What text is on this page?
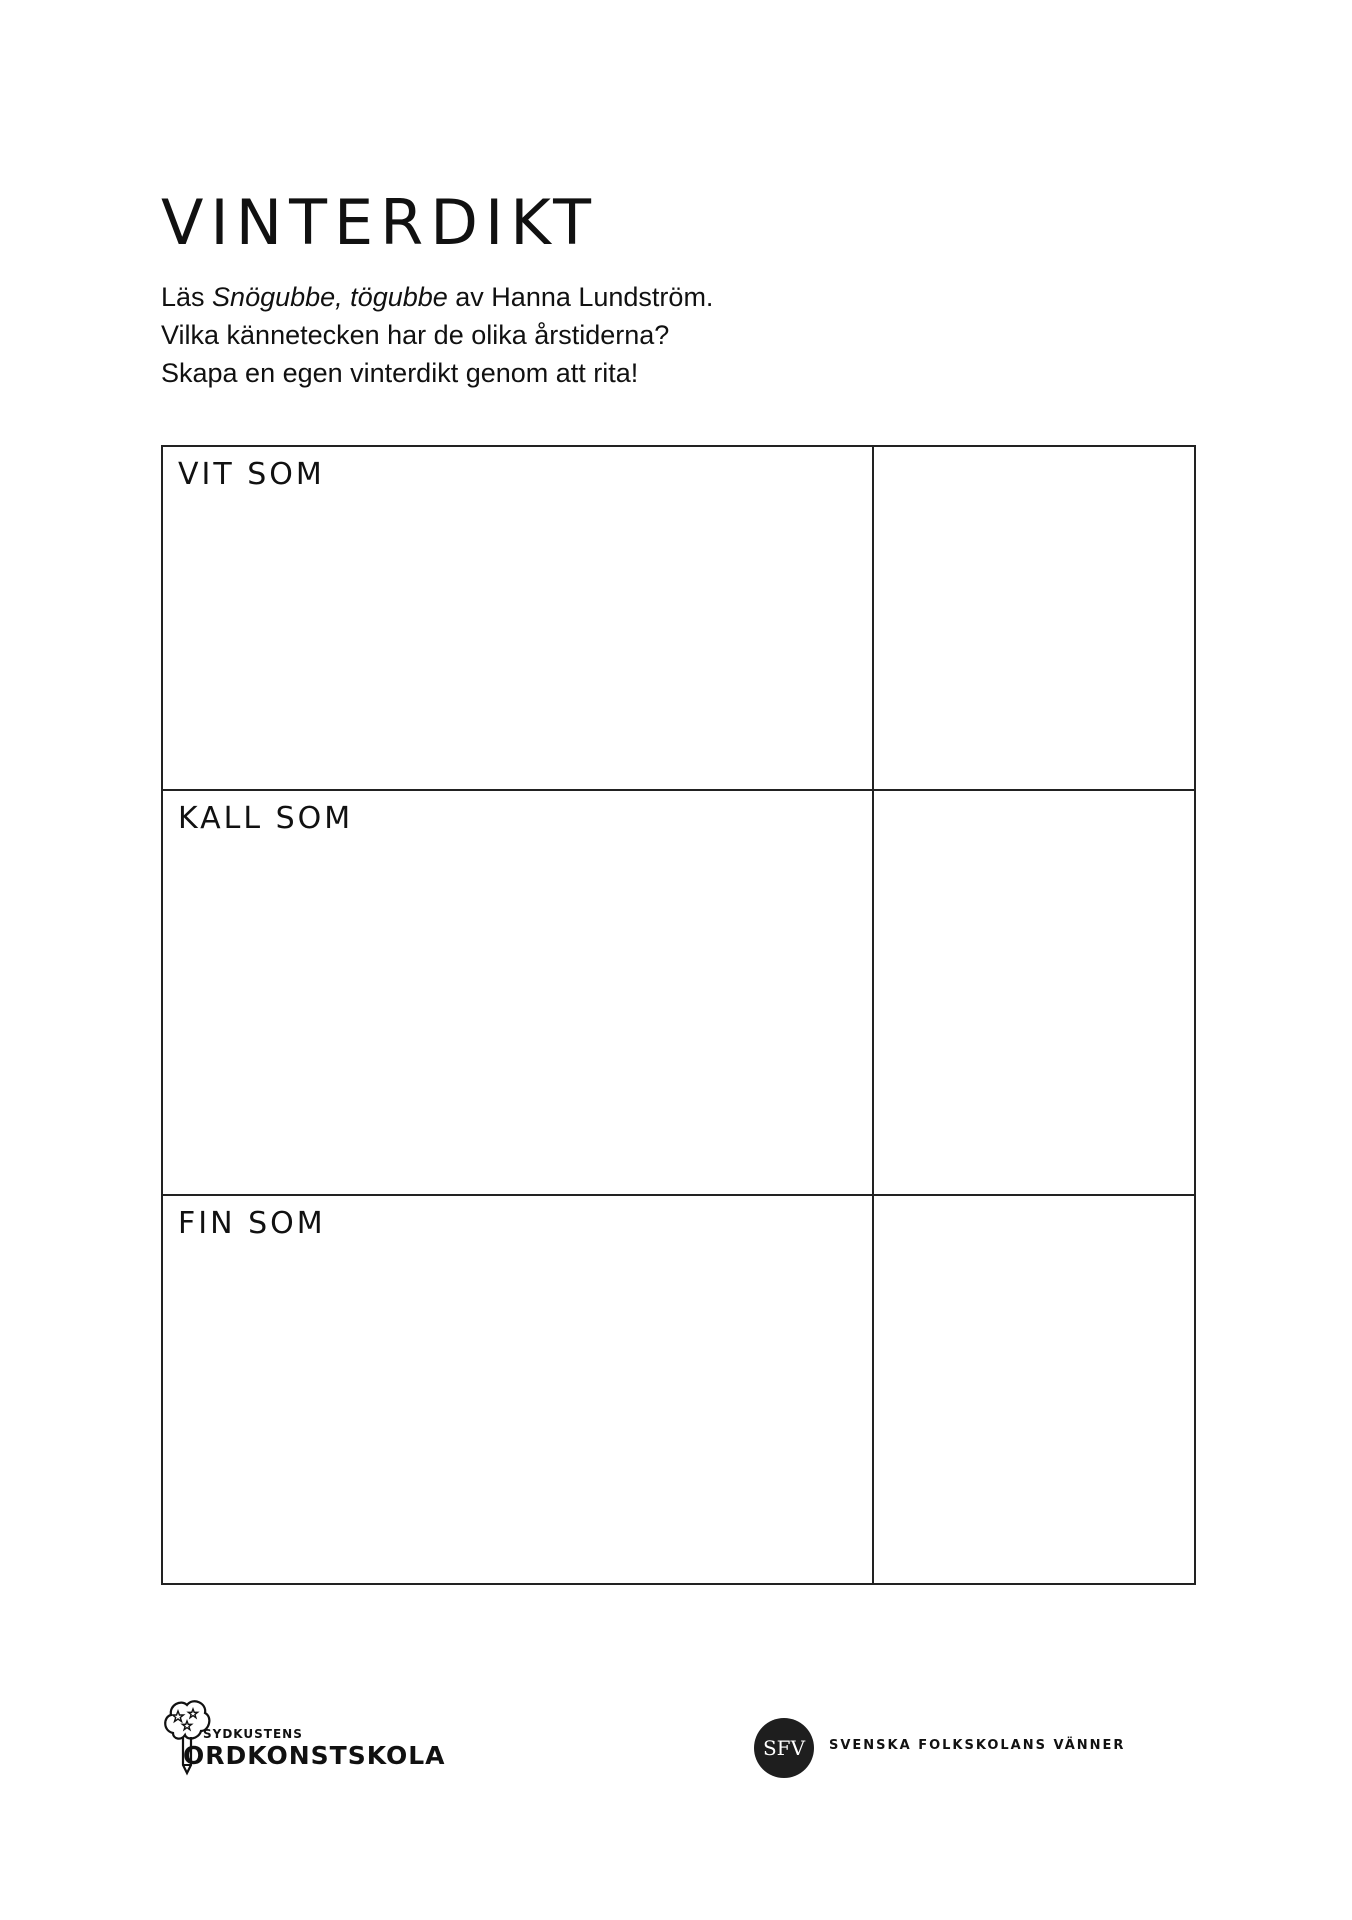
VINTERDIKT

Läs Snögubbe, tögubbe av Hanna Lundström.

Vilka kännetecken har de olika årstiderna?

Skapa en egen vinterdikt genom att rita!

VIT SOM
KALL SOM
FIN SOM
SYDKUSTENS
ORDKONSTSKOLA	SFV	SVENSKA FOLKSKOLANS VÄNNER
